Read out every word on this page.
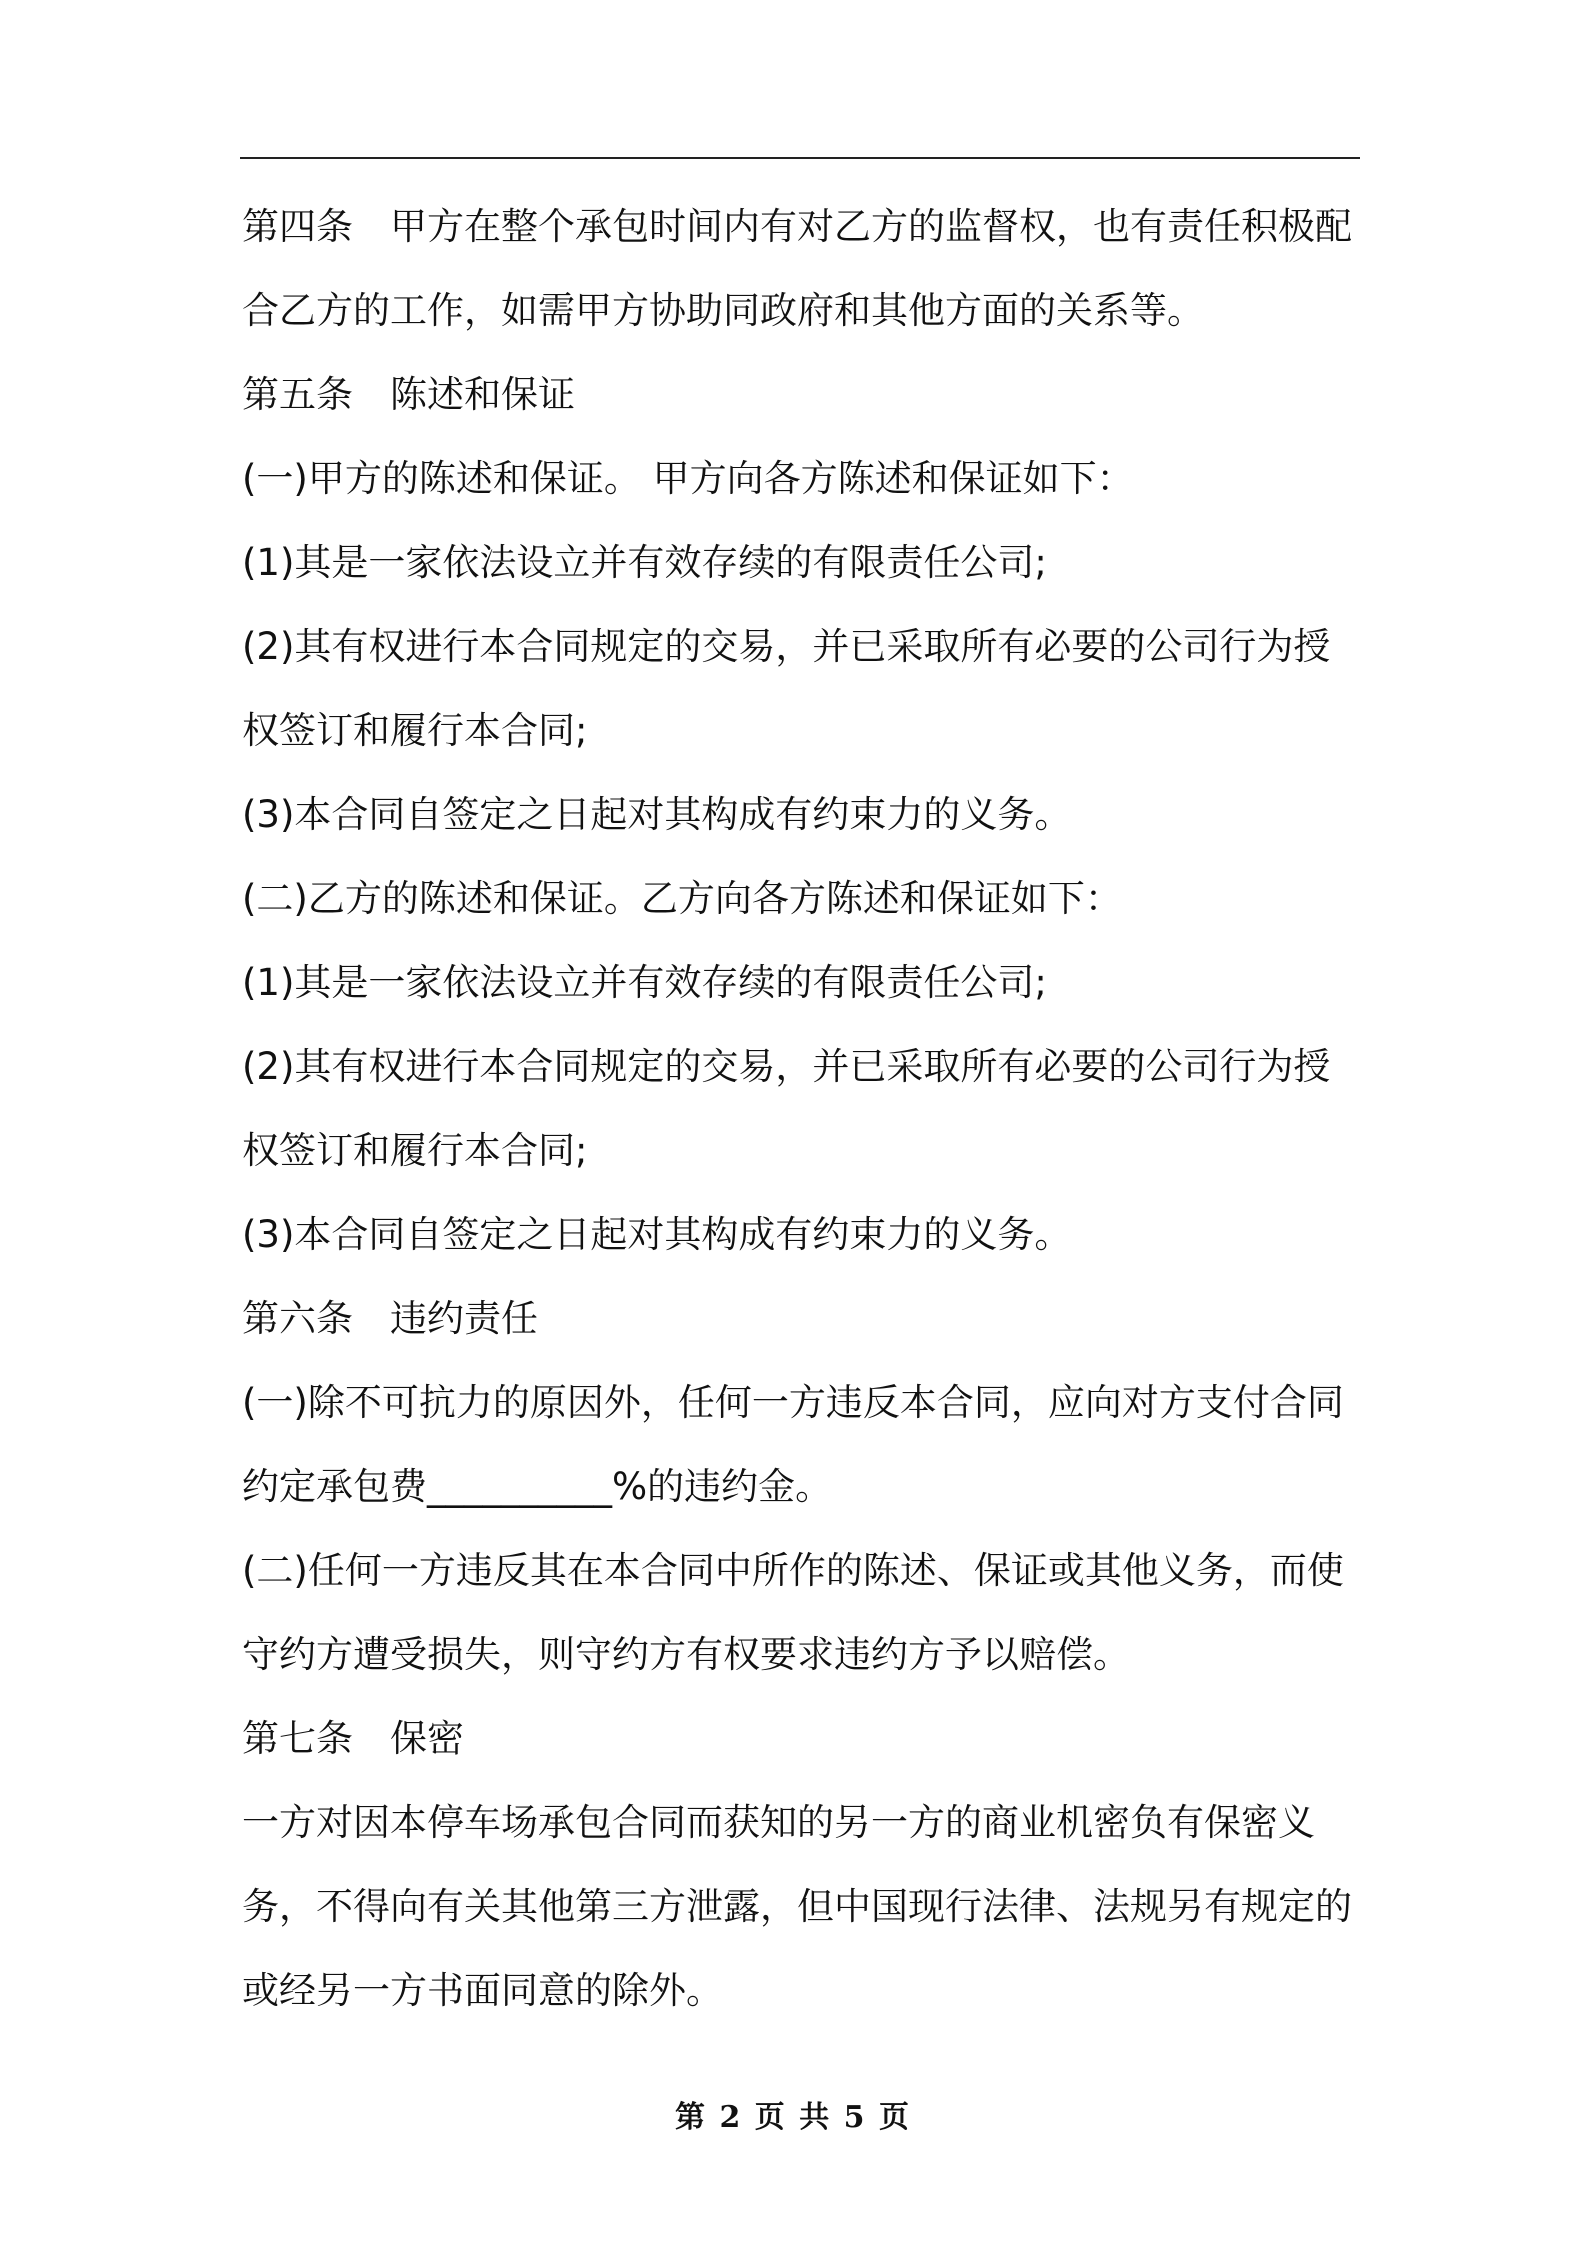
第四条　甲方在整个承包时间内有对乙方的监督权，也有责任积极配
合乙方的工作，如需甲方协助同政府和其他方面的关系等。
第五条　陈述和保证
(一)甲方的陈述和保证。 甲方向各方陈述和保证如下：
(1)其是一家依法设立并有效存续的有限责任公司;
(2)其有权进行本合同规定的交易，并已采取所有必要的公司行为授
权签订和履行本合同;
(3)本合同自签定之日起对其构成有约束力的义务。
(二)乙方的陈述和保证。乙方向各方陈述和保证如下：
(1)其是一家依法设立并有效存续的有限责任公司;
(2)其有权进行本合同规定的交易，并已采取所有必要的公司行为授
权签订和履行本合同;
(3)本合同自签定之日起对其构成有约束力的义务。
第六条　违约责任
(一)除不可抗力的原因外，任何一方违反本合同，应向对方支付合同
约定承包费__________%的违约金。
(二)任何一方违反其在本合同中所作的陈述、保证或其他义务，而使
守约方遭受损失，则守约方有权要求违约方予以赔偿。
第七条　保密
一方对因本停车场承包合同而获知的另一方的商业机密负有保密义
务，不得向有关其他第三方泄露，但中国现行法律、法规另有规定的
或经另一方书面同意的除外。
第 2 页 共 5 页
